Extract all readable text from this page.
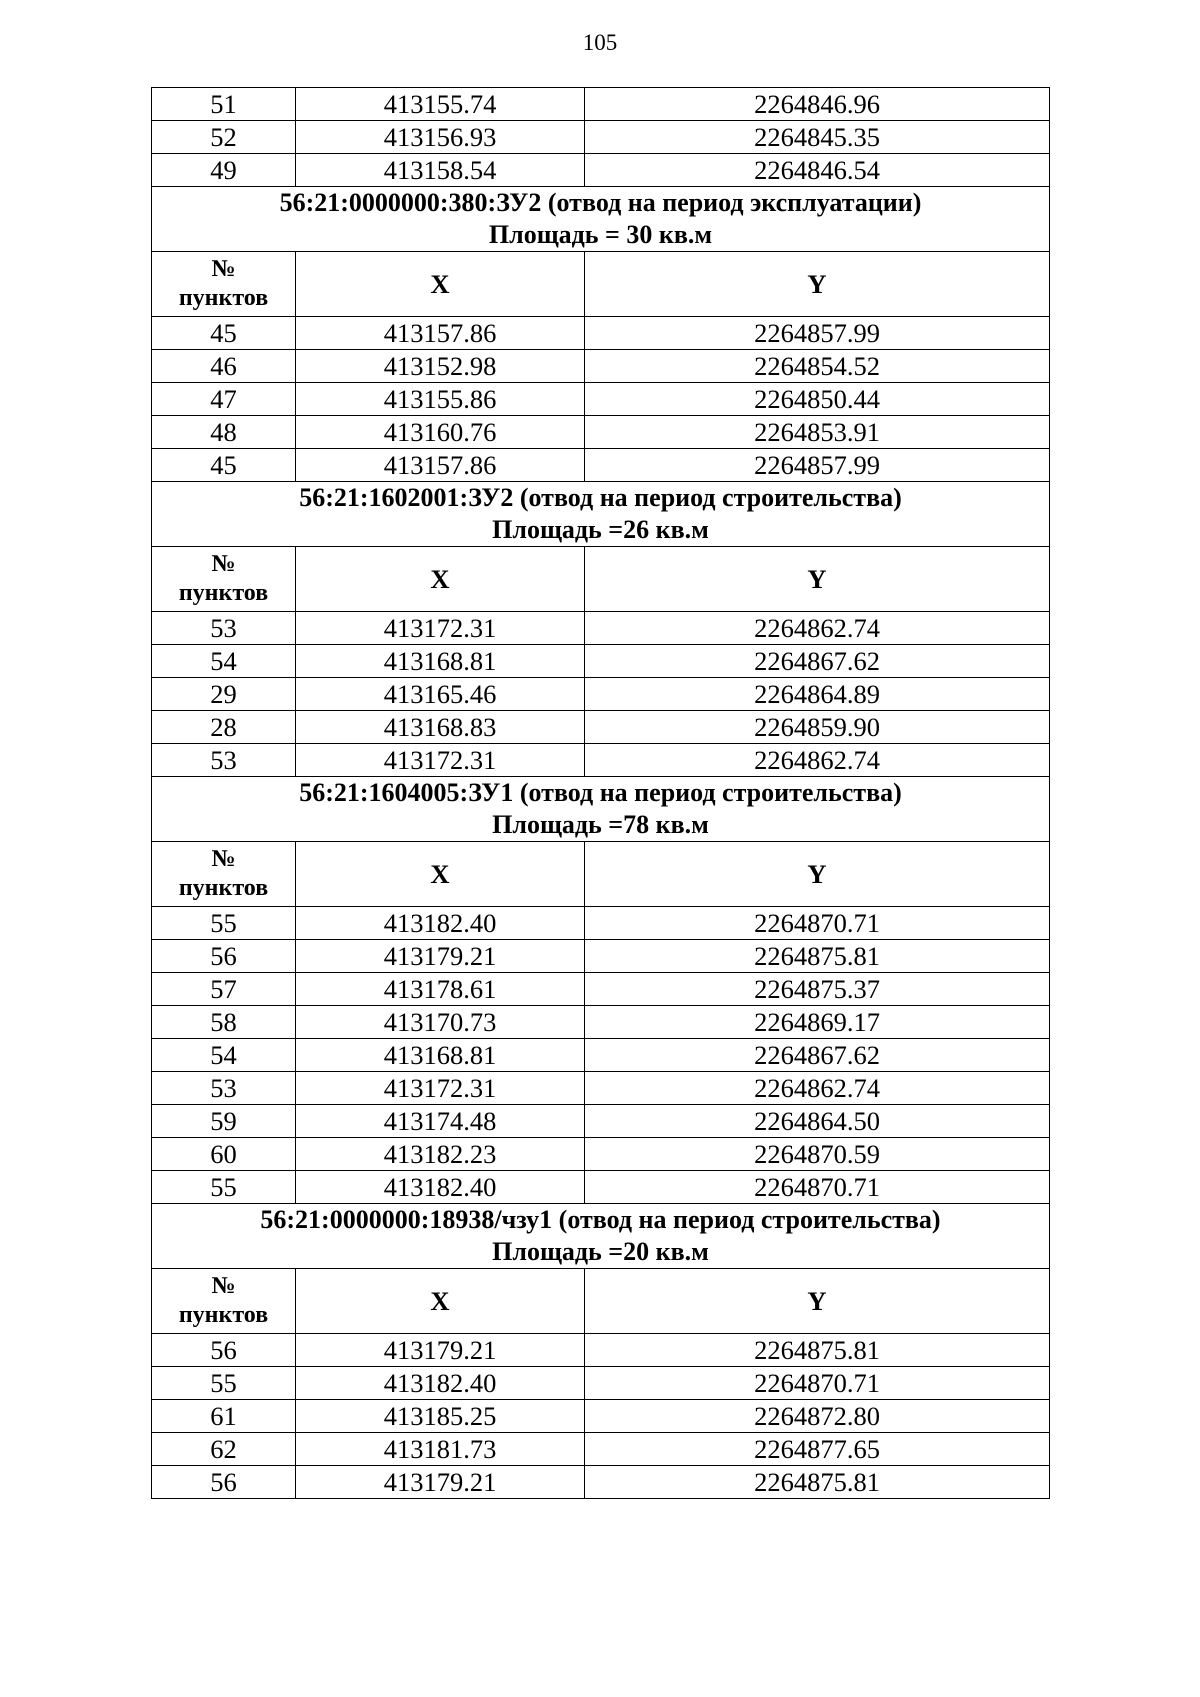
105
51	413155.74	2264846.96
52	413156.93	2264845.35
49	413158.54	2264846.54

56:21:0000000:380:ЗУ2 (отвод на период эксплуатации)
Площадь = 30 кв.м		

№
пунктов	X	Y
45	413157.86	2264857.99
46	413152.98	2264854.52
47	413155.86	2264850.44
48	413160.76	2264853.91
45	413157.86	2264857.99

56:21:1602001:ЗУ2 (отвод на период строительства)
Площадь =26 кв.м		

№
пунктов	X	Y
53	413172.31	2264862.74
54	413168.81	2264867.62
29	413165.46	2264864.89
28	413168.83	2264859.90
53	413172.31	2264862.74

56:21:1604005:ЗУ1 (отвод на период строительства)
Площадь =78 кв.м		

№
пунктов	X	Y
55	413182.40	2264870.71
56	413179.21	2264875.81
57	413178.61	2264875.37
58	413170.73	2264869.17
54	413168.81	2264867.62
53	413172.31	2264862.74
59	413174.48	2264864.50
60	413182.23	2264870.59
55	413182.40	2264870.71

56:21:0000000:18938/чзу1 (отвод на период строительства)
Площадь =20 кв.м		

№
пунктов	X	Y
56	413179.21	2264875.81
55	413182.40	2264870.71
61	413185.25	2264872.80
62	413181.73	2264877.65
56	413179.21	2264875.81
